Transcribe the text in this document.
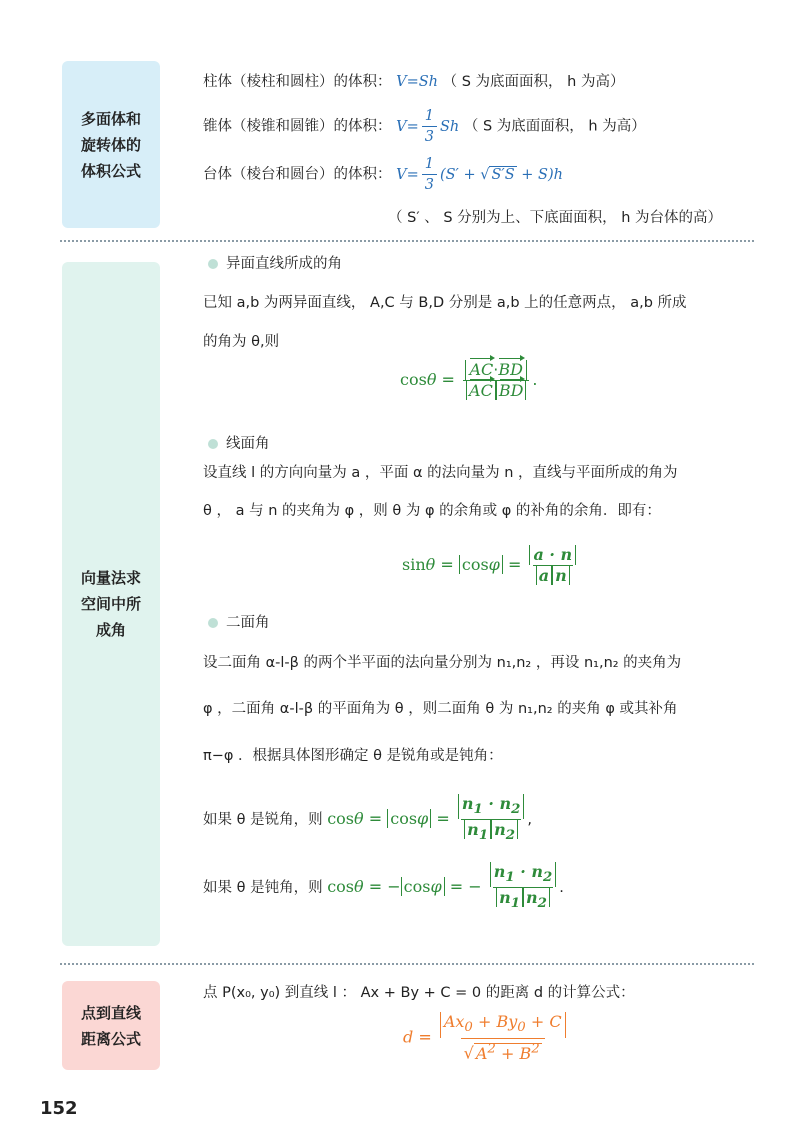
多面体和
旋转体的
体积公式
柱体（棱柱和圆柱）的体积： V=Sh （ S 为底面面积， h 为高）
锥体（棱锥和圆锥）的体积： $V= \frac{1}{3}$ Sh （ S 为底面面积， h 为高）
台体（棱台和圆台）的体积： $V= \frac{1}{3} (S'$ + √ S′S + S)h
（ S′ 、 S 分别为上、下底面面积， h 为台体的高）
向量法求
空间中所
成角
异面直线所成的角
已知 a,b 为两异面直线， A,C 与 B,D 分别是 a,b 上的任意两点， a,b 所成
的角为 θ,则
$\cos\theta = \frac{AC\cdot BD}{\text{AC BD}}$ .
线面角
设直线 l 的方向向量为 a ，平面 α 的法向量为 n ，直线与平面所成的角为
θ ， a 与 n 的夹角为 φ ，则 θ 为 φ 的余角或 φ 的补角的余角．即有：
$\sin\theta = \cos\varphi = \frac{a \cdot n}{\text{a n}}$
二面角
设二面角 α-l-β 的两个半平面的法向量分别为 n₁,n₂ ，再设 n₁,n₂ 的夹角为
φ ，二面角 α-l-β 的平面角为 θ ，则二面角 θ 为 n₁,n₂ 的夹角 φ 或其补角
π−φ ．根据具体图形确定 θ 是锐角或是钝角：
如果 θ 是锐角，则 $\cos\theta = \cos\varphi = \frac{n_1 \cdot n_2}{n_1 n_2}$ ,
如果 θ 是钝角，则 cosθ = − cosφ = − $\frac{n_1 \cdot n_2}{n_1 n_2}$ .
点到直线
距离公式
点 P(x₀, y₀) 到直线 l ： Ax + By + C = 0 的距离 d 的计算公式：
$d = \frac{Ax_0 + By_0 + C}{√ A^2 + B^2}$
152
